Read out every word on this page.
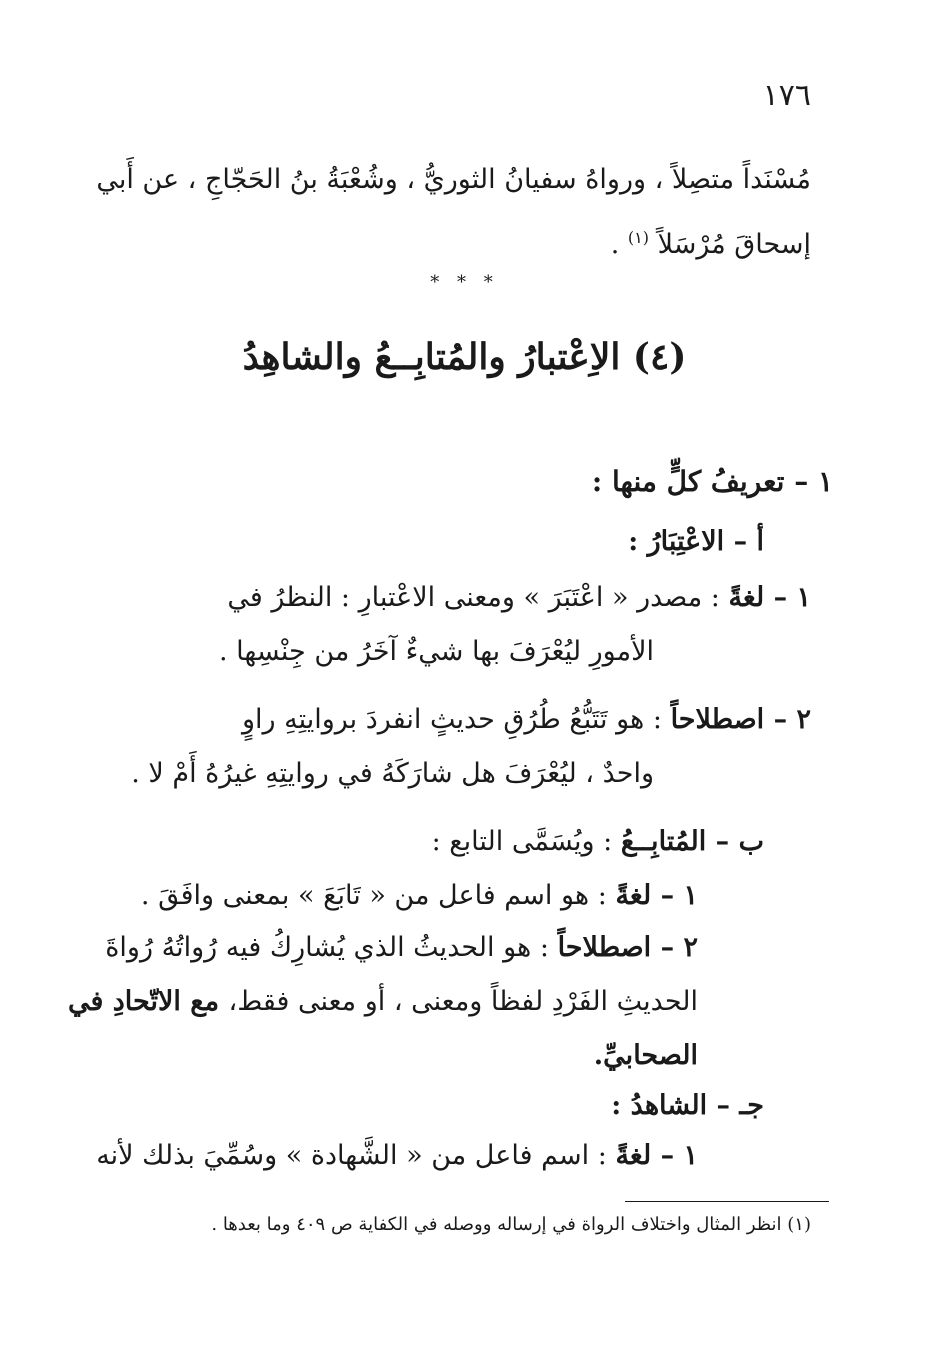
١٧٦
مُسْنَداً متصِلاً ، ورواهُ سفيانُ الثوريُّ ، وشُعْبَةُ بنُ الحَجّاجِ ، عن أَبي
إسحاقَ مُرْسَلاً $^{(١)}$ .
* * *
(٤) الاِعْتبارُ والمُتابِــعُ والشاهِدُ
١ – تعريفُ كلٍّ منها :
أ – الاعْتِبَارُ :
١ – لغةً : مصدر « اعْتَبَرَ » ومعنى الاعْتبارِ : النظرُ في
الأمورِ ليُعْرَفَ بها شيءٌ آخَرُ من جِنْسِها .
٢ – اصطلاحاً : هو تَتَبُّعُ طُرُقِ حديثٍ انفردَ بروايتِهِ راوٍ
واحدٌ ، ليُعْرَفَ هل شارَكَهُ في روايتِهِ غيرُهُ أَمْ لا .
ب – المُتابِــعُ : ويُسَمَّى التابع :
١ – لغةً : هو اسم فاعل من « تَابَعَ » بمعنى وافَقَ .
٢ – اصطلاحاً : هو الحديثُ الذي يُشارِكُ فيه رُواتُهُ رُواةَ
الحديثِ الفَرْدِ لفظاً ومعنى ، أو معنى فقط، مع الاتّحادِ في
الصحابيِّ.
جـ – الشاهدُ :
١ – لغةً : اسم فاعل من « الشَّهادة » وسُمِّيَ بذلك لأنه
(١) انظر المثال واختلاف الرواة في إرساله ووصله في الكفاية ص ٤٠٩ وما بعدها .
